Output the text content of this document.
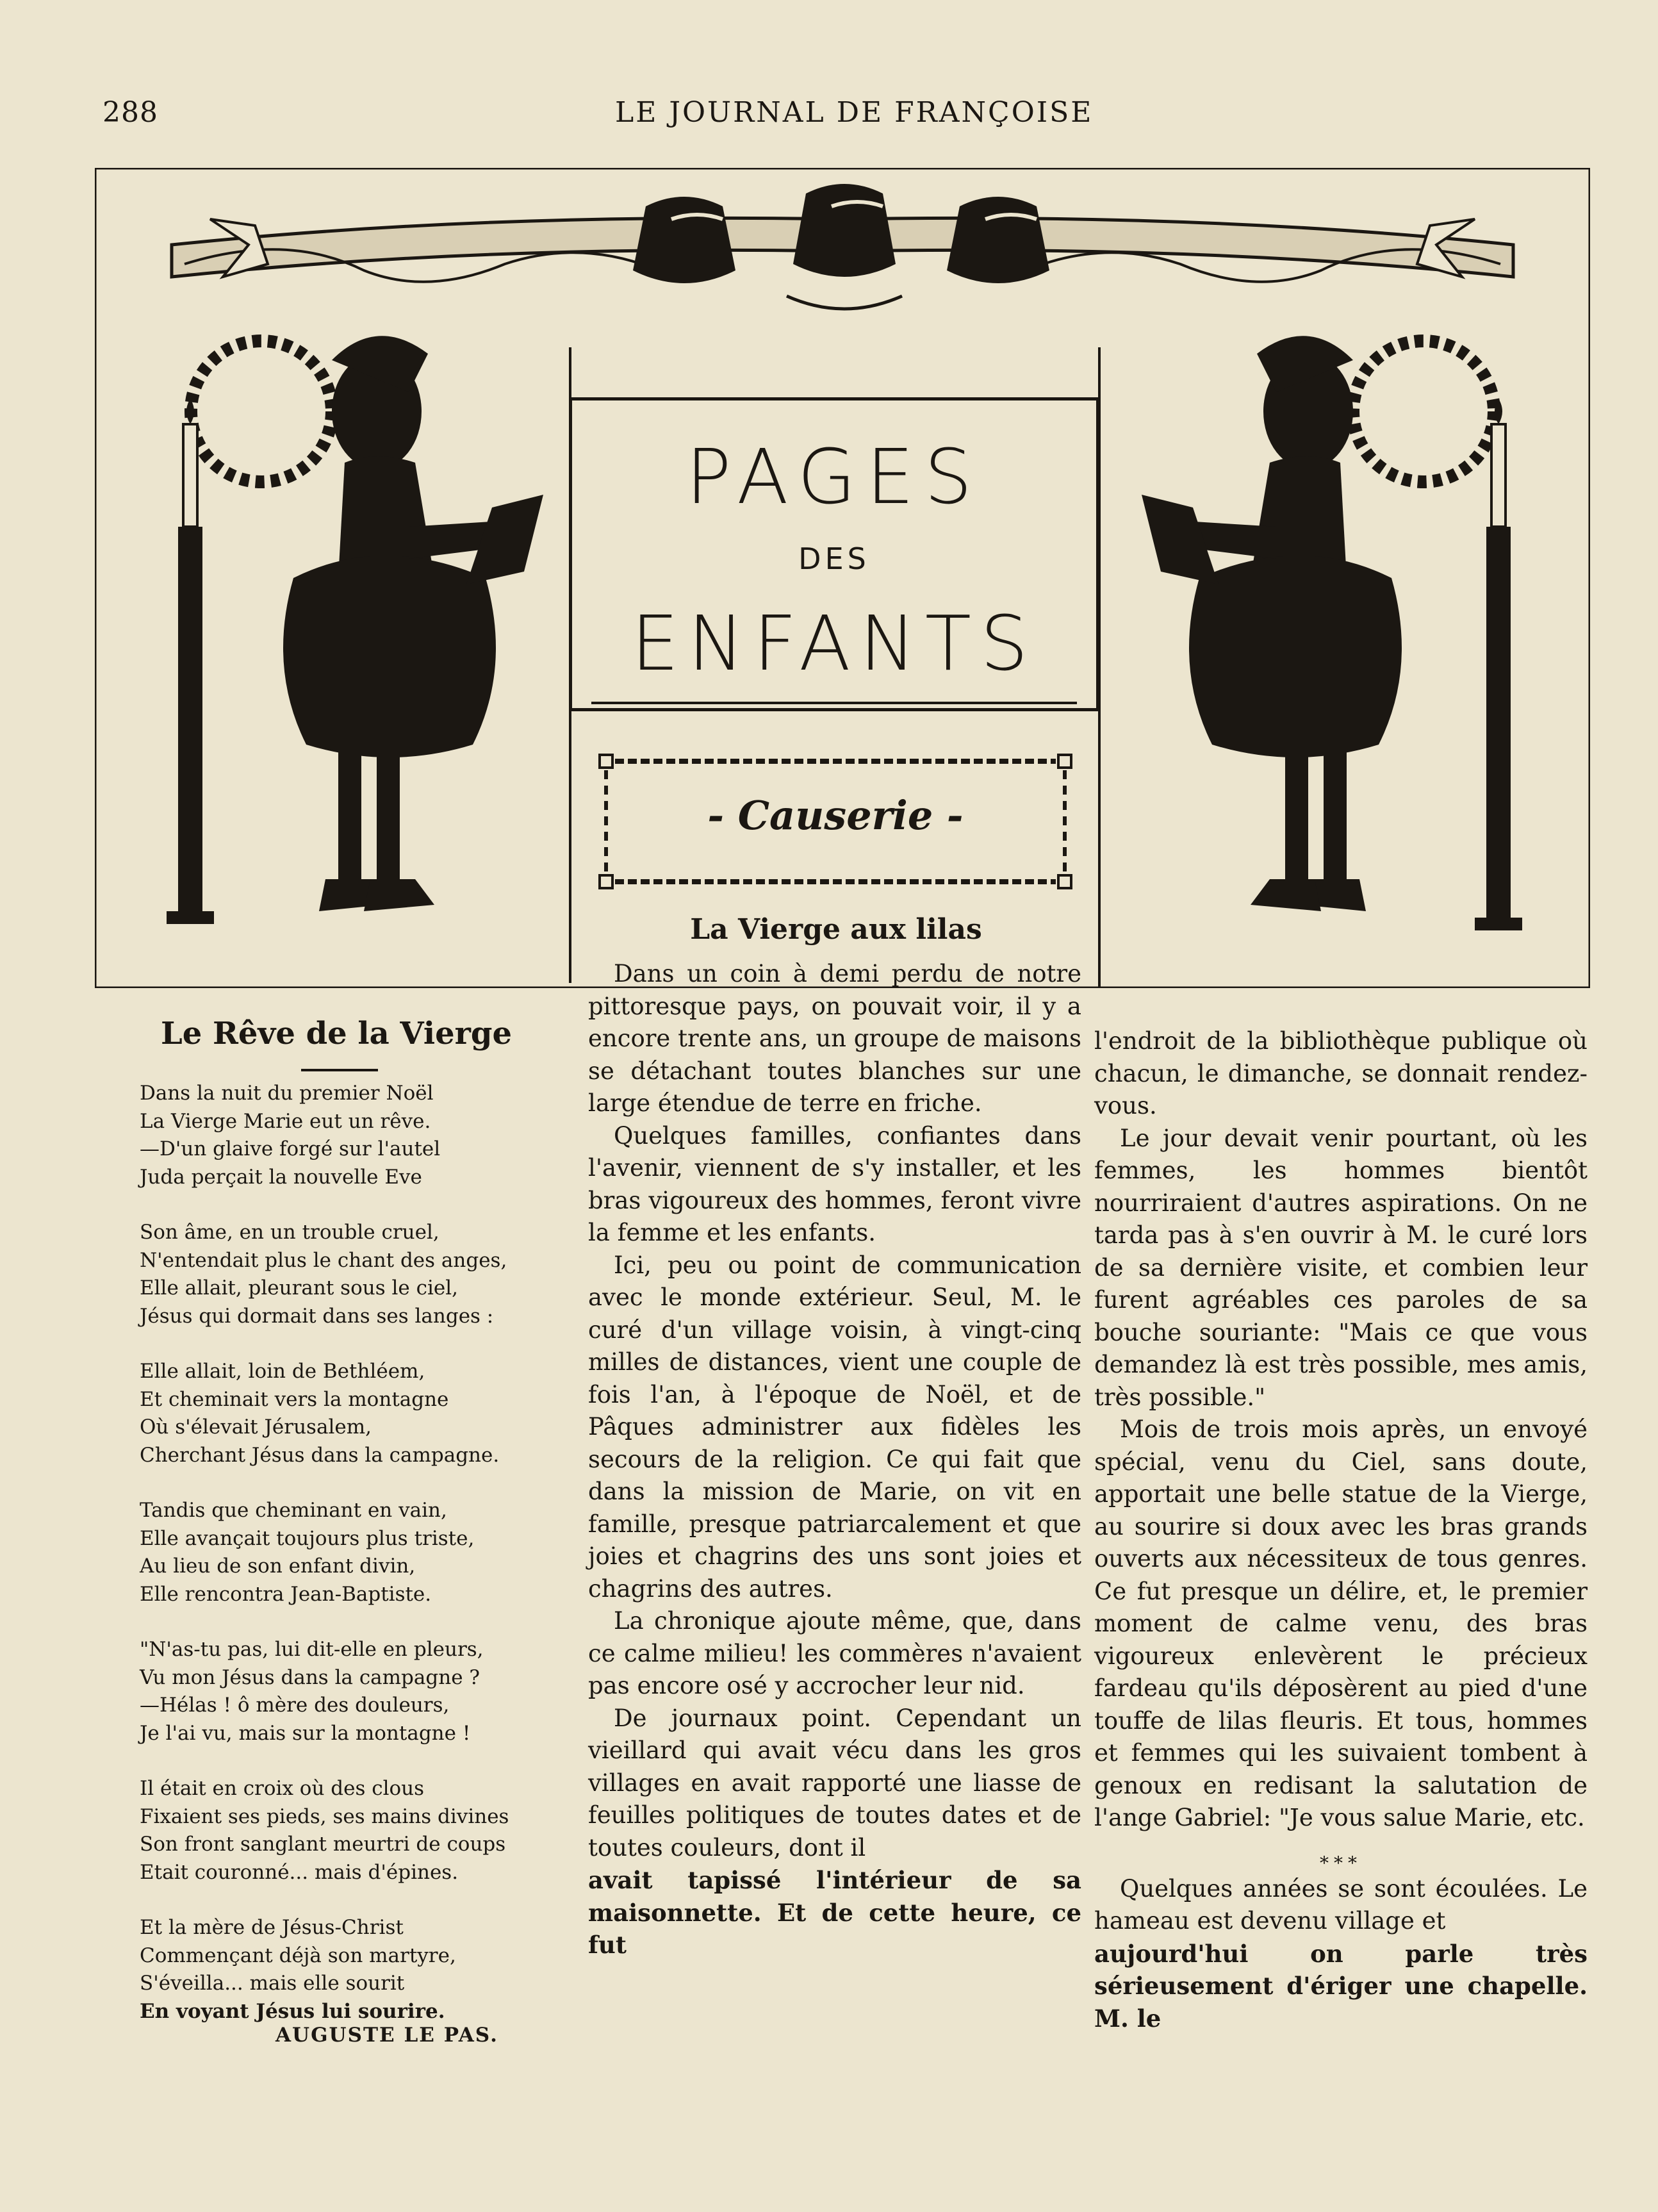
288	LE JOURNAL DE FRANÇOISE
PAGES
DES
ENFANTS
- Causerie -
Le Rêve de la Vierge
Dans la nuit du premier Noël
La Vierge Marie eut un rêve.
—D'un glaive forgé sur l'autel
Juda perçait la nouvelle Eve
Son âme, en un trouble cruel,
N'entendait plus le chant des anges,
Elle allait, pleurant sous le ciel,
Jésus qui dormait dans ses langes :
Elle allait, loin de Bethléem,
Et cheminait vers la montagne
Où s'élevait Jérusalem,
Cherchant Jésus dans la campagne.
Tandis que cheminant en vain,
Elle avançait toujours plus triste,
Au lieu de son enfant divin,
Elle rencontra Jean-Baptiste.
"N'as-tu pas, lui dit-elle en pleurs,
Vu mon Jésus dans la campagne ?
—Hélas ! ô mère des douleurs,
Je l'ai vu, mais sur la montagne !
Il était en croix où des clous
Fixaient ses pieds, ses mains divines
Son front sanglant meurtri de coups
Etait couronné... mais d'épines.
Et la mère de Jésus-Christ
Commençant déjà son martyre,
S'éveilla... mais elle sourit
En voyant Jésus lui sourire.
AUGUSTE LE PAS.
La Vierge aux lilas

Dans un coin à demi perdu de notre pittoresque pays, on pouvait voir, il y a encore trente ans, un groupe de maisons se détachant toutes blanches sur une large étendue de terre en friche.

Quelques familles, confiantes dans l'avenir, viennent de s'y installer, et les bras vigoureux des hommes, feront vivre la femme et les enfants.

Ici, peu ou point de communication avec le monde extérieur. Seul, M. le curé d'un village voisin, à vingt-cinq milles de distances, vient une couple de fois l'an, à l'époque de Noël, et de Pâques administrer aux fidèles les secours de la religion. Ce qui fait que dans la mission de Marie, on vit en famille, presque patriarcalement et que joies et chagrins des uns sont joies et chagrins des autres.

La chronique ajoute même, que, dans ce calme milieu! les commères n'avaient pas encore osé y accrocher leur nid.

De journaux point. Cependant un vieillard qui avait vécu dans les gros villages en avait rapporté une liasse de feuilles politiques de toutes dates et de toutes couleurs, dont il

avait tapissé l'intérieur de sa maisonnette. Et de cette heure, ce fut

l'endroit de la bibliothèque publique où chacun, le dimanche, se donnait rendez-vous.

Le jour devait venir pourtant, où les femmes, les hommes bientôt nourriraient d'autres aspirations. On ne tarda pas à s'en ouvrir à M. le curé lors de sa dernière visite, et combien leur furent agréables ces paroles de sa bouche souriante: "Mais ce que vous demandez là est très possible, mes amis, très possible."

Mois de trois mois après, un envoyé spécial, venu du Ciel, sans doute, apportait une belle statue de la Vierge, au sourire si doux avec les bras grands ouverts aux nécessiteux de tous genres. Ce fut presque un délire, et, le premier moment de calme venu, des bras vigoureux enlevèrent le précieux fardeau qu'ils déposèrent au pied d'une touffe de lilas fleuris. Et tous, hommes et femmes qui les suivaient tombent à genoux en redisant la salutation de l'ange Gabriel: "Je vous salue Marie, etc.

***

Quelques années se sont écoulées. Le hameau est devenu village et

aujourd'hui on parle très sérieusement d'ériger une chapelle. M. le
